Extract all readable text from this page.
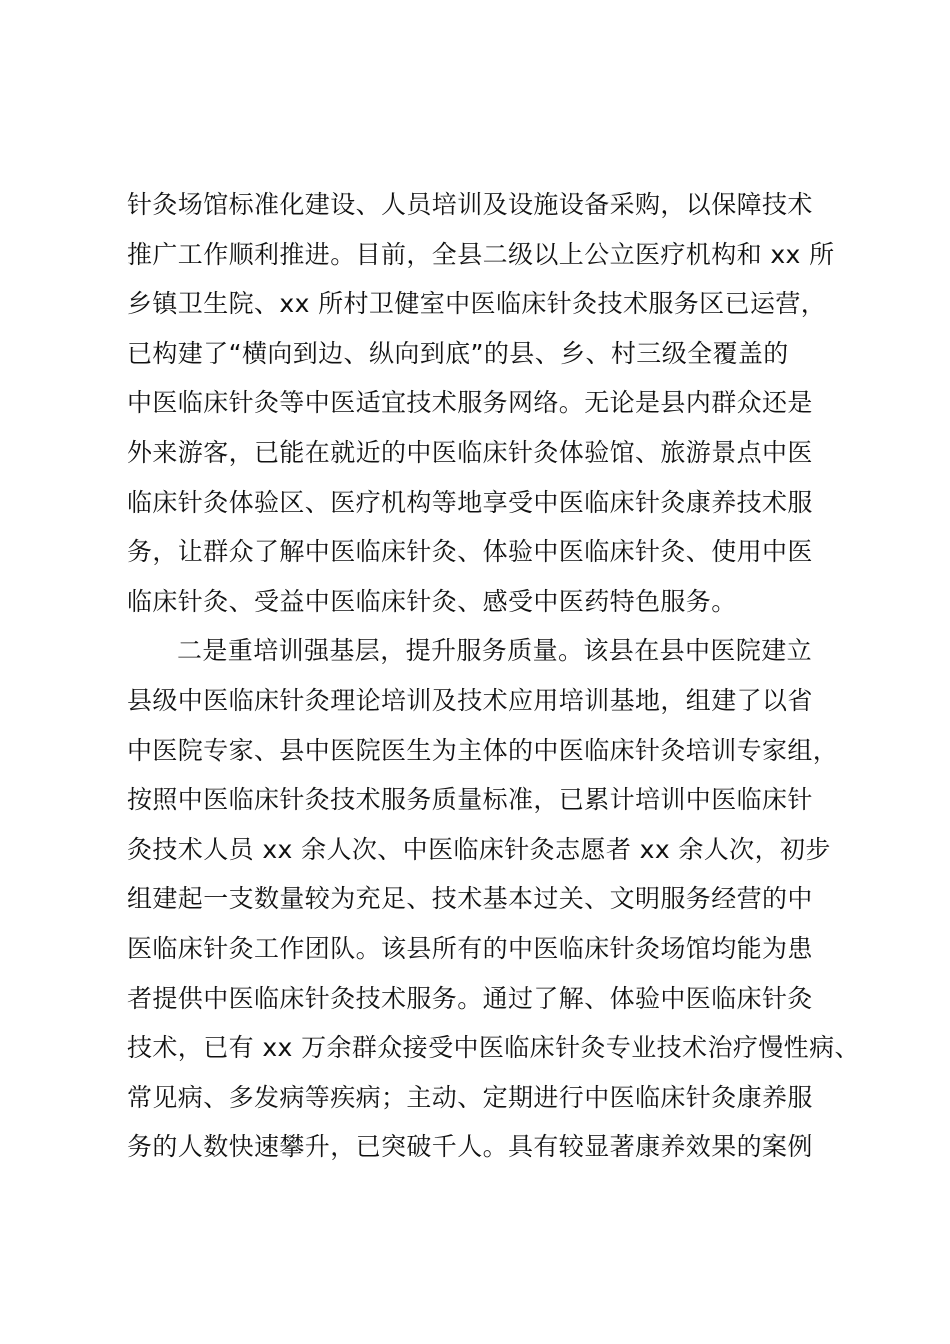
针灸场馆标准化建设、人员培训及设施设备采购，以保障技术
推广工作顺利推进。目前，全县二级以上公立医疗机构和 xx 所
乡镇卫生院、xx 所村卫健室中医临床针灸技术服务区已运营，
已构建了“横向到边、纵向到底”的县、乡、村三级全覆盖的
中医临床针灸等中医适宜技术服务网络。无论是县内群众还是
外来游客，已能在就近的中医临床针灸体验馆、旅游景点中医
临床针灸体验区、医疗机构等地享受中医临床针灸康养技术服
务，让群众了解中医临床针灸、体验中医临床针灸、使用中医
临床针灸、受益中医临床针灸、感受中医药特色服务。
二是重培训强基层，提升服务质量。该县在县中医院建立
县级中医临床针灸理论培训及技术应用培训基地，组建了以省
中医院专家、县中医院医生为主体的中医临床针灸培训专家组，
按照中医临床针灸技术服务质量标准，已累计培训中医临床针
灸技术人员 xx 余人次、中医临床针灸志愿者 xx 余人次，初步
组建起一支数量较为充足、技术基本过关、文明服务经营的中
医临床针灸工作团队。该县所有的中医临床针灸场馆均能为患
者提供中医临床针灸技术服务。通过了解、体验中医临床针灸
技术，已有 xx 万余群众接受中医临床针灸专业技术治疗慢性病、
常见病、多发病等疾病；主动、定期进行中医临床针灸康养服
务的人数快速攀升，已突破千人。具有较显著康养效果的案例
